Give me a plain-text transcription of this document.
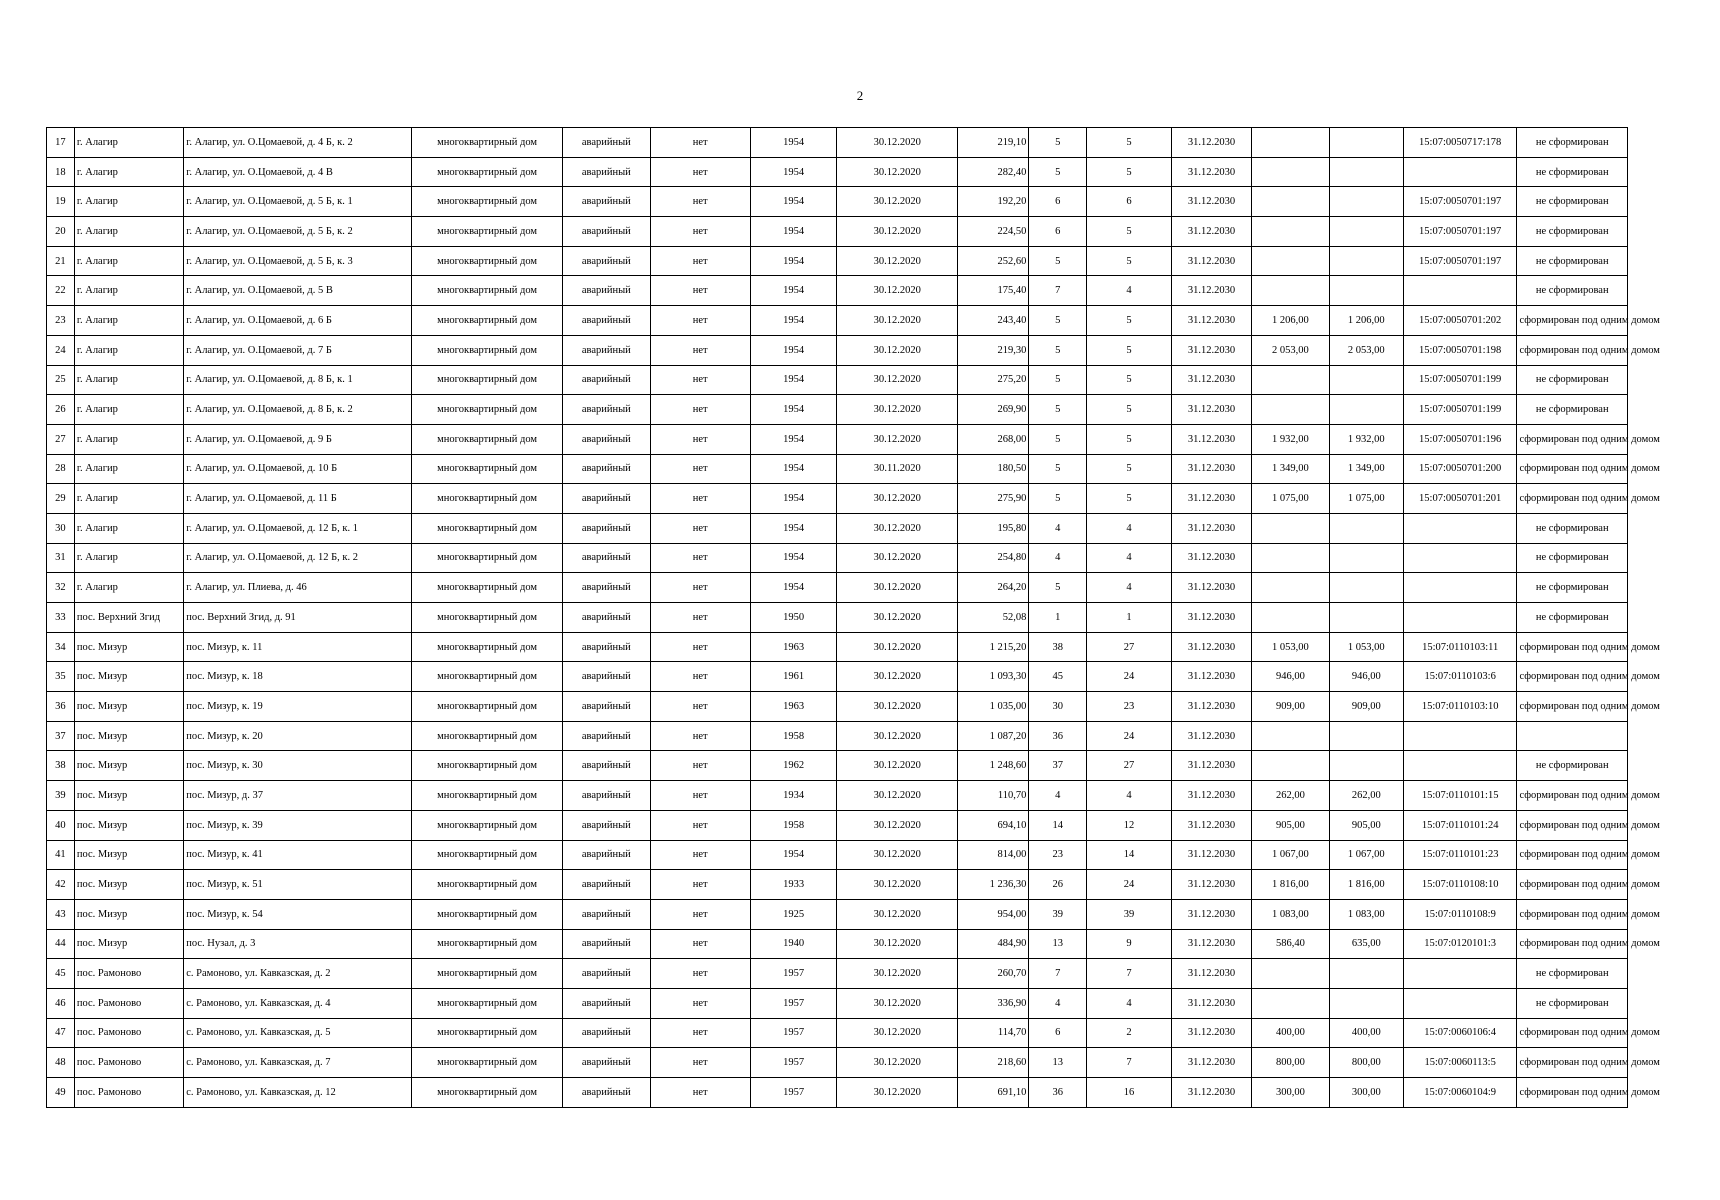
2
17	г. Алагир	г. Алагир, ул. О.Цомаевой, д. 4 Б, к. 2	многоквартирный дом	аварийный	нет	1954	30.12.2020	219,10	5	5	31.12.2030			15:07:0050717:178	не сформирован
18	г. Алагир	г. Алагир, ул. О.Цомаевой, д. 4 В	многоквартирный дом	аварийный	нет	1954	30.12.2020	282,40	5	5	31.12.2030				не сформирован
19	г. Алагир	г. Алагир, ул. О.Цомаевой, д. 5 Б, к. 1	многоквартирный дом	аварийный	нет	1954	30.12.2020	192,20	6	6	31.12.2030			15:07:0050701:197	не сформирован
20	г. Алагир	г. Алагир, ул. О.Цомаевой, д. 5 Б, к. 2	многоквартирный дом	аварийный	нет	1954	30.12.2020	224,50	6	5	31.12.2030			15:07:0050701:197	не сформирован
21	г. Алагир	г. Алагир, ул. О.Цомаевой, д. 5 Б, к. 3	многоквартирный дом	аварийный	нет	1954	30.12.2020	252,60	5	5	31.12.2030			15:07:0050701:197	не сформирован
22	г. Алагир	г. Алагир, ул. О.Цомаевой, д. 5 В	многоквартирный дом	аварийный	нет	1954	30.12.2020	175,40	7	4	31.12.2030				не сформирован
23	г. Алагир	г. Алагир, ул. О.Цомаевой, д. 6 Б	многоквартирный дом	аварийный	нет	1954	30.12.2020	243,40	5	5	31.12.2030	1 206,00	1 206,00	15:07:0050701:202	сформирован под одним домом
24	г. Алагир	г. Алагир, ул. О.Цомаевой, д. 7 Б	многоквартирный дом	аварийный	нет	1954	30.12.2020	219,30	5	5	31.12.2030	2 053,00	2 053,00	15:07:0050701:198	сформирован под одним домом
25	г. Алагир	г. Алагир, ул. О.Цомаевой, д. 8 Б, к. 1	многоквартирный дом	аварийный	нет	1954	30.12.2020	275,20	5	5	31.12.2030			15:07:0050701:199	не сформирован
26	г. Алагир	г. Алагир, ул. О.Цомаевой, д. 8 Б, к. 2	многоквартирный дом	аварийный	нет	1954	30.12.2020	269,90	5	5	31.12.2030			15:07:0050701:199	не сформирован
27	г. Алагир	г. Алагир, ул. О.Цомаевой, д. 9 Б	многоквартирный дом	аварийный	нет	1954	30.12.2020	268,00	5	5	31.12.2030	1 932,00	1 932,00	15:07:0050701:196	сформирован под одним домом
28	г. Алагир	г. Алагир, ул. О.Цомаевой, д. 10 Б	многоквартирный дом	аварийный	нет	1954	30.11.2020	180,50	5	5	31.12.2030	1 349,00	1 349,00	15:07:0050701:200	сформирован под одним домом
29	г. Алагир	г. Алагир, ул. О.Цомаевой, д. 11 Б	многоквартирный дом	аварийный	нет	1954	30.12.2020	275,90	5	5	31.12.2030	1 075,00	1 075,00	15:07:0050701:201	сформирован под одним домом
30	г. Алагир	г. Алагир, ул. О.Цомаевой, д. 12 Б, к. 1	многоквартирный дом	аварийный	нет	1954	30.12.2020	195,80	4	4	31.12.2030				не сформирован
31	г. Алагир	г. Алагир, ул. О.Цомаевой, д. 12 Б, к. 2	многоквартирный дом	аварийный	нет	1954	30.12.2020	254,80	4	4	31.12.2030				не сформирован
32	г. Алагир	г. Алагир, ул. Плиева, д. 46	многоквартирный дом	аварийный	нет	1954	30.12.2020	264,20	5	4	31.12.2030				не сформирован
33	пос. Верхний Згид	пос. Верхний Згид, д. 91	многоквартирный дом	аварийный	нет	1950	30.12.2020	52,08	1	1	31.12.2030				не сформирован
34	пос. Мизур	пос. Мизур, к. 11	многоквартирный дом	аварийный	нет	1963	30.12.2020	1 215,20	38	27	31.12.2030	1 053,00	1 053,00	15:07:0110103:11	сформирован под одним домом
35	пос. Мизур	пос. Мизур, к. 18	многоквартирный дом	аварийный	нет	1961	30.12.2020	1 093,30	45	24	31.12.2030	946,00	946,00	15:07:0110103:6	сформирован под одним домом
36	пос. Мизур	пос. Мизур, к. 19	многоквартирный дом	аварийный	нет	1963	30.12.2020	1 035,00	30	23	31.12.2030	909,00	909,00	15:07:0110103:10	сформирован под одним домом
37	пос. Мизур	пос. Мизур, к. 20	многоквартирный дом	аварийный	нет	1958	30.12.2020	1 087,20	36	24	31.12.2030				
38	пос. Мизур	пос. Мизур, к. 30	многоквартирный дом	аварийный	нет	1962	30.12.2020	1 248,60	37	27	31.12.2030				не сформирован
39	пос. Мизур	пос. Мизур, д. 37	многоквартирный дом	аварийный	нет	1934	30.12.2020	110,70	4	4	31.12.2030	262,00	262,00	15:07:0110101:15	сформирован под одним домом
40	пос. Мизур	пос. Мизур, к. 39	многоквартирный дом	аварийный	нет	1958	30.12.2020	694,10	14	12	31.12.2030	905,00	905,00	15:07:0110101:24	сформирован под одним домом
41	пос. Мизур	пос. Мизур, к. 41	многоквартирный дом	аварийный	нет	1954	30.12.2020	814,00	23	14	31.12.2030	1 067,00	1 067,00	15:07:0110101:23	сформирован под одним домом
42	пос. Мизур	пос. Мизур, к. 51	многоквартирный дом	аварийный	нет	1933	30.12.2020	1 236,30	26	24	31.12.2030	1 816,00	1 816,00	15:07:0110108:10	сформирован под одним домом
43	пос. Мизур	пос. Мизур, к. 54	многоквартирный дом	аварийный	нет	1925	30.12.2020	954,00	39	39	31.12.2030	1 083,00	1 083,00	15:07:0110108:9	сформирован под одним домом
44	пос. Мизур	пос. Нузал, д. 3	многоквартирный дом	аварийный	нет	1940	30.12.2020	484,90	13	9	31.12.2030	586,40	635,00	15:07:0120101:3	сформирован под одним домом
45	пос. Рамоново	с. Рамоново, ул. Кавказская, д. 2	многоквартирный дом	аварийный	нет	1957	30.12.2020	260,70	7	7	31.12.2030				не сформирован
46	пос. Рамоново	с. Рамоново, ул. Кавказская, д. 4	многоквартирный дом	аварийный	нет	1957	30.12.2020	336,90	4	4	31.12.2030				не сформирован
47	пос. Рамоново	с. Рамоново, ул. Кавказская, д. 5	многоквартирный дом	аварийный	нет	1957	30.12.2020	114,70	6	2	31.12.2030	400,00	400,00	15:07:0060106:4	сформирован под одним домом
48	пос. Рамоново	с. Рамоново, ул. Кавказская, д. 7	многоквартирный дом	аварийный	нет	1957	30.12.2020	218,60	13	7	31.12.2030	800,00	800,00	15:07:0060113:5	сформирован под одним домом
49	пос. Рамоново	с. Рамоново, ул. Кавказская, д. 12	многоквартирный дом	аварийный	нет	1957	30.12.2020	691,10	36	16	31.12.2030	300,00	300,00	15:07:0060104:9	сформирован под одним домом
